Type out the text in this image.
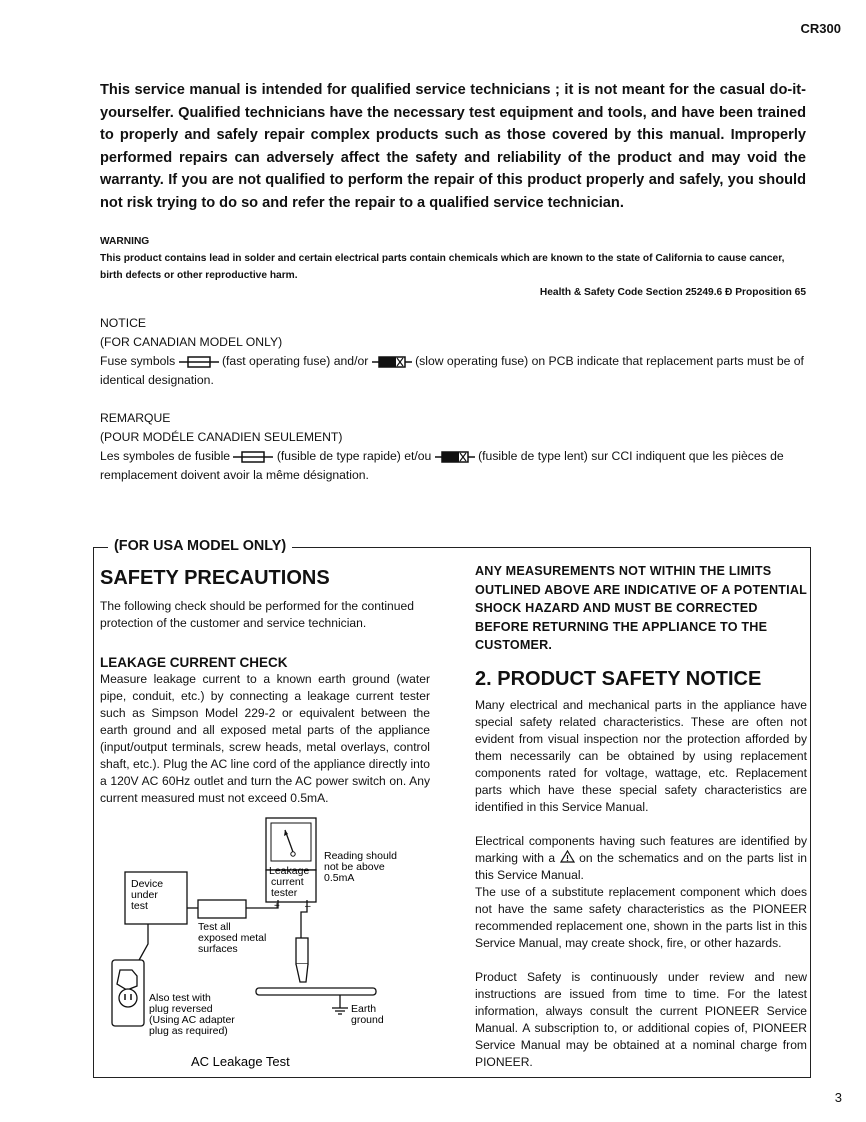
CR300
This service manual is intended for qualified service technicians ; it is not meant for the casual do-it-yourselfer. Qualified technicians have the necessary test equipment and tools, and have been trained to properly and safely repair complex products such as those covered by this manual. Improperly performed repairs can adversely affect the safety and reliability of the product and may void the warranty. If you are not qualified to perform the repair of this product properly and safely, you should not risk trying to do so and refer the repair to a qualified service technician.
WARNING
This product contains lead in solder and certain electrical parts contain chemicals which are known to the state of California to cause cancer, birth defects or other reproductive harm.
Health & Safety Code Section 25249.6 Ð Proposition 65
NOTICE
(FOR CANADIAN MODEL ONLY)
Fuse symbols	(fast operating fuse) and/or	(slow operating fuse) on PCB indicate that replacement parts must be of identical designation.
REMARQUE
(POUR MODÉLE CANADIEN SEULEMENT)
Les symboles de fusible	(fusible de type rapide) et/ou	(fusible de type lent) sur CCI indiquent que les pièces de remplacement doivent avoir la même désignation.
(FOR USA MODEL ONLY)
SAFETY PRECAUTIONS
The following check should be performed for the continued protection of the customer and service technician.
LEAKAGE CURRENT CHECK
Measure leakage current to a known earth ground (water pipe, conduit, etc.) by connecting a leakage current tester such as Simpson Model 229-2 or equivalent between the earth ground and all exposed metal parts of the appliance (input/output terminals, screw heads, metal overlays, control shaft, etc.). Plug the AC line cord of the appliance directly into a 120V AC 60Hz outlet and turn the AC power switch on. Any current measured must not exceed 0.5mA.
Leakage
current
tester
Reading should
not be above
0.5mA
+	–
Device
under
test
Test all
exposed metal
surfaces
Earth
ground
Also test with
plug reversed
(Using AC adapter
plug as required)
AC Leakage Test
ANY MEASUREMENTS NOT WITHIN THE LIMITS OUTLINED ABOVE ARE INDICATIVE OF A POTENTIAL SHOCK HAZARD AND MUST BE CORRECTED BEFORE RETURNING THE APPLIANCE TO THE CUSTOMER.
2. PRODUCT SAFETY NOTICE
Many electrical and mechanical parts in the appliance have special safety related characteristics. These are often not evident from visual inspection nor the protection afforded by them necessarily can be obtained by using replacement components rated for voltage, wattage, etc. Replacement parts which have these special safety characteristics are identified in this Service Manual.
Electrical components having such features are identified by marking with a on the schematics and on the parts list in this Service Manual.
The use of a substitute replacement component which does not have the same safety characteristics as the PIONEER recommended replacement one, shown in the parts list in this Service Manual, may create shock, fire, or other hazards.
Product Safety is continuously under review and new instructions are issued from time to time. For the latest information, always consult the current PIONEER Service Manual. A subscription to, or additional copies of, PIONEER Service Manual may be obtained at a nominal charge from PIONEER.
3
